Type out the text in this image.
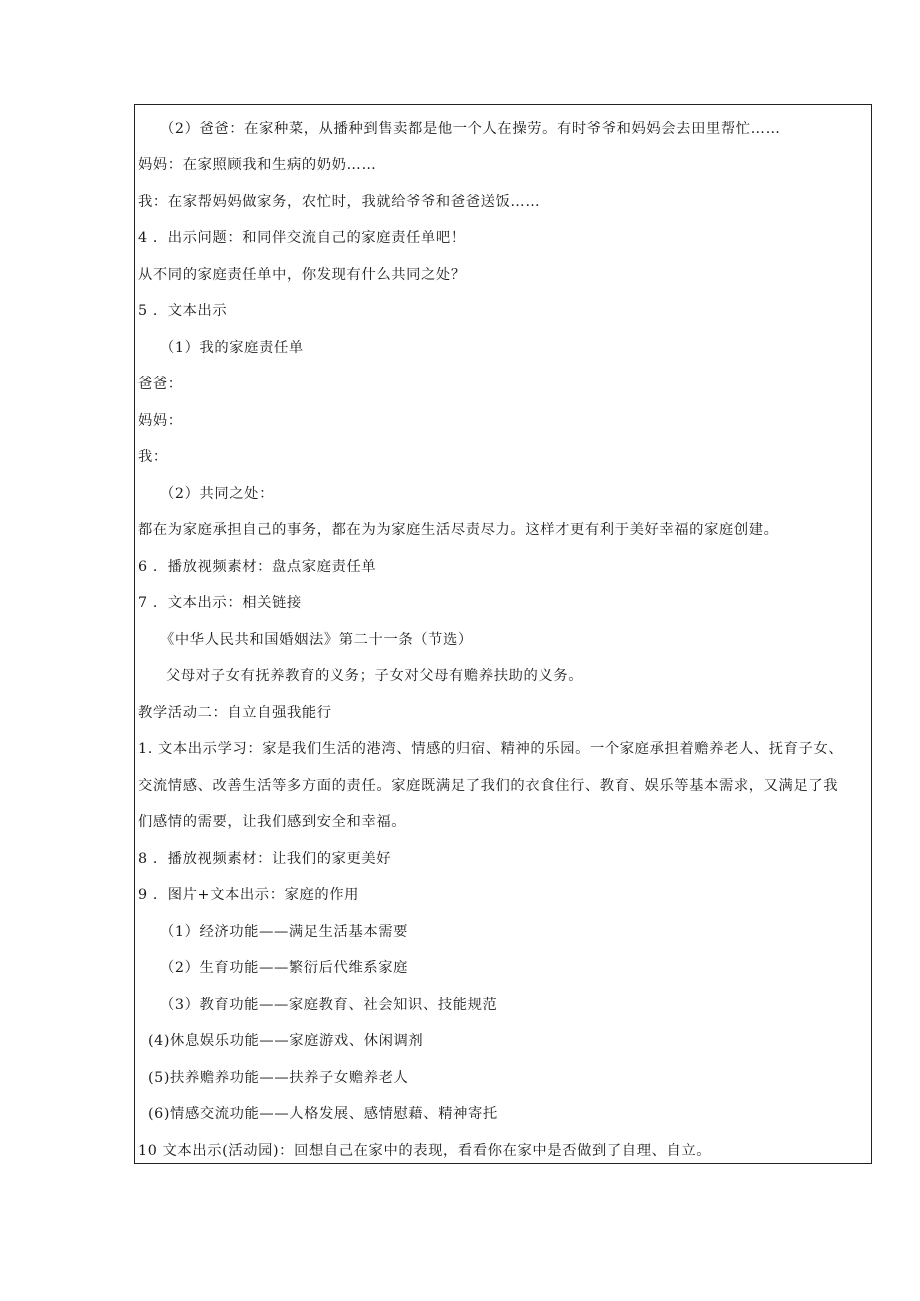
（2）爸爸：在家种菜，从播种到售卖都是他一个人在操劳。有时爷爷和妈妈会去田里帮忙……
妈妈：在家照顾我和生病的奶奶……
我：在家帮妈妈做家务，农忙时，我就给爷爷和爸爸送饭……
4 ．出示问题：和同伴交流自己的家庭责任单吧！
从不同的家庭责任单中，你发现有什么共同之处？
5 ．文本出示
（1）我的家庭责任单
爸爸：
妈妈：
我：
（2）共同之处：
都在为家庭承担自己的事务，都在为为家庭生活尽责尽力。这样才更有利于美好幸福的家庭创建。
6 ．播放视频素材：盘点家庭责任单
7 ．文本出示：相关链接
《中华人民共和国婚姻法》第二十一条（节选）
父母对子女有抚养教育的义务；子女对父母有赡养扶助的义务。
教学活动二：自立自强我能行
1. 文本出示学习：家是我们生活的港湾、情感的归宿、精神的乐园。一个家庭承担着赡养老人、抚育子女、
交流情感、改善生活等多方面的责任。家庭既满足了我们的衣食住行、教育、娱乐等基本需求，又满足了我
们感情的需要，让我们感到安全和幸福。
8 ．播放视频素材：让我们的家更美好
9 ．图片+文本出示：家庭的作用
（1）经济功能——满足生活基本需要
（2）生育功能——繁衍后代维系家庭
（3）教育功能——家庭教育、社会知识、技能规范
(4)休息娱乐功能——家庭游戏、休闲调剂
(5)扶养赡养功能——扶养子女赡养老人
(6)情感交流功能——人格发展、感情慰藉、精神寄托
10 文本出示(活动园)：回想自己在家中的表现，看看你在家中是否做到了自理、自立。
